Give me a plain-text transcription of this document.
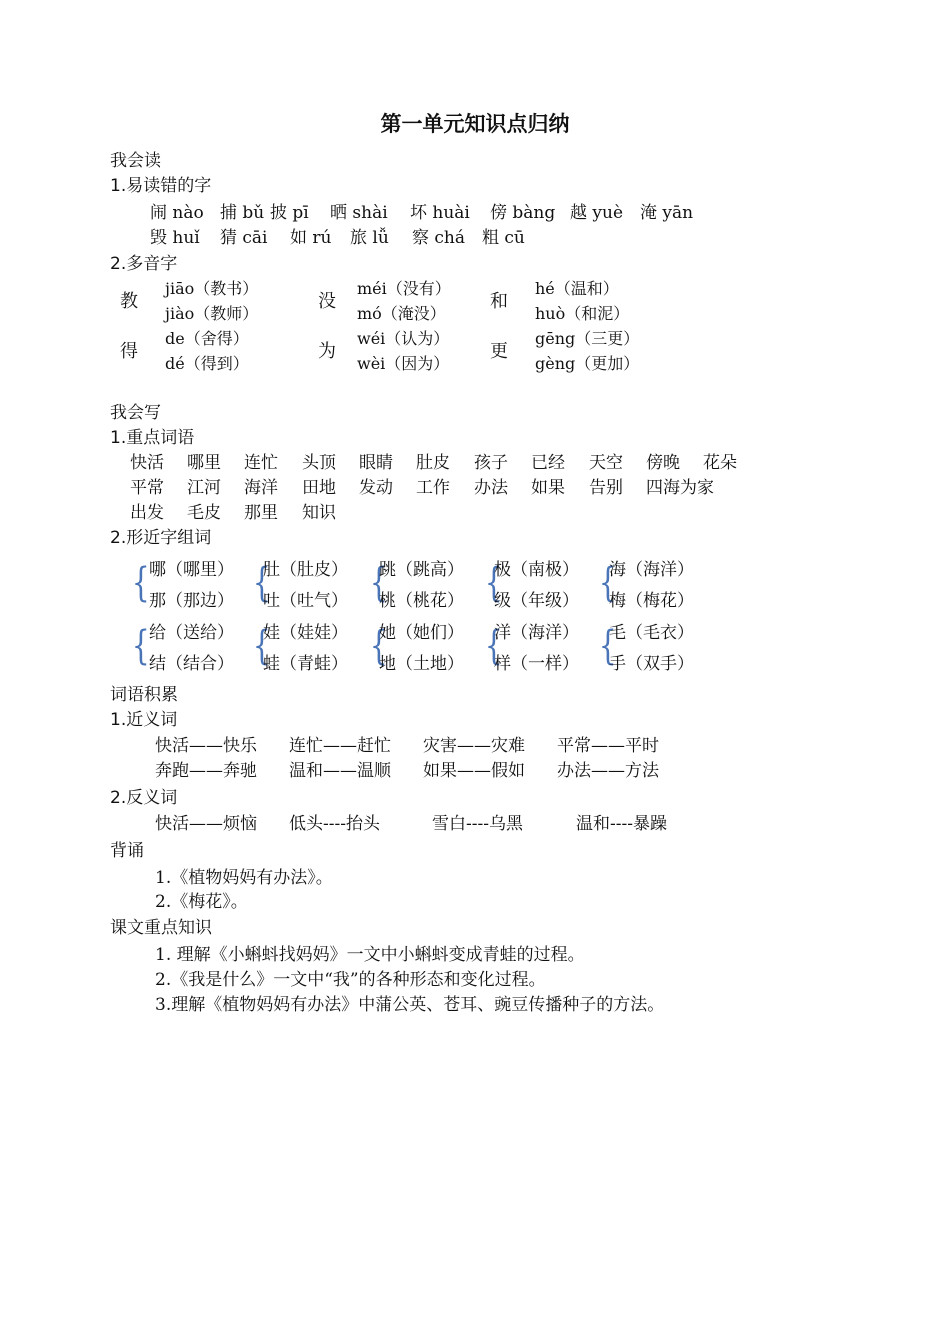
第一单元知识点归纳
我会读
1.易读错的字
闹 nào 捕 bǔ 披 pī 晒 shài 坏 huài 傍 bàng 越 yuè 淹 yān
毁 huǐ 猜 cāi 如 rú 旅 lǚ 察 chá 粗 cū
2.多音字
教
jiāo（教书）
jiào（教师）
没
méi（没有）
mó（淹没）
和
hé（温和）
huò（和泥）
得
de（舍得）
dé（得到）
为
wéi（认为）
wèi（因为）
更
gēng（三更）
gèng（更加）
我会写
1.重点词语
快活 哪里 连忙 头顶 眼睛 肚皮 孩子 已经 天空 傍晚 花朵
平常 江河 海洋 田地 发动 工作 办法 如果 告别 四海为家
出发 毛皮 那里 知识
2.形近字组词
{ 哪（哪里）
那（那边） {
肚（肚皮）
吐（吐气） {
跳（跳高）
桃（桃花） {
极（南极）
级（年级） {
海（海洋）
梅（梅花）
{ 给（送给）
结（结合） {
娃（娃娃）
蛙（青蛙） {
她（她们）
地（土地） {
洋（海洋）
样（一样） {
毛（毛衣）
手（双手）
词语积累
1.近义词
快活——快乐 连忙——赶忙 灾害——灾难 平常——平时
奔跑——奔驰 温和——温顺 如果——假如 办法——方法
2.反义词
快活——烦恼 低头----抬头	雪白----乌黑	温和----暴躁
背诵
1.《植物妈妈有办法》。
2.《梅花》。
课文重点知识
1. 理解《小蝌蚪找妈妈》一文中小蝌蚪变成青蛙的过程。
2.《我是什么》一文中“我”的各种形态和变化过程。
3.理解《植物妈妈有办法》中蒲公英、苍耳、豌豆传播种子的方法。
